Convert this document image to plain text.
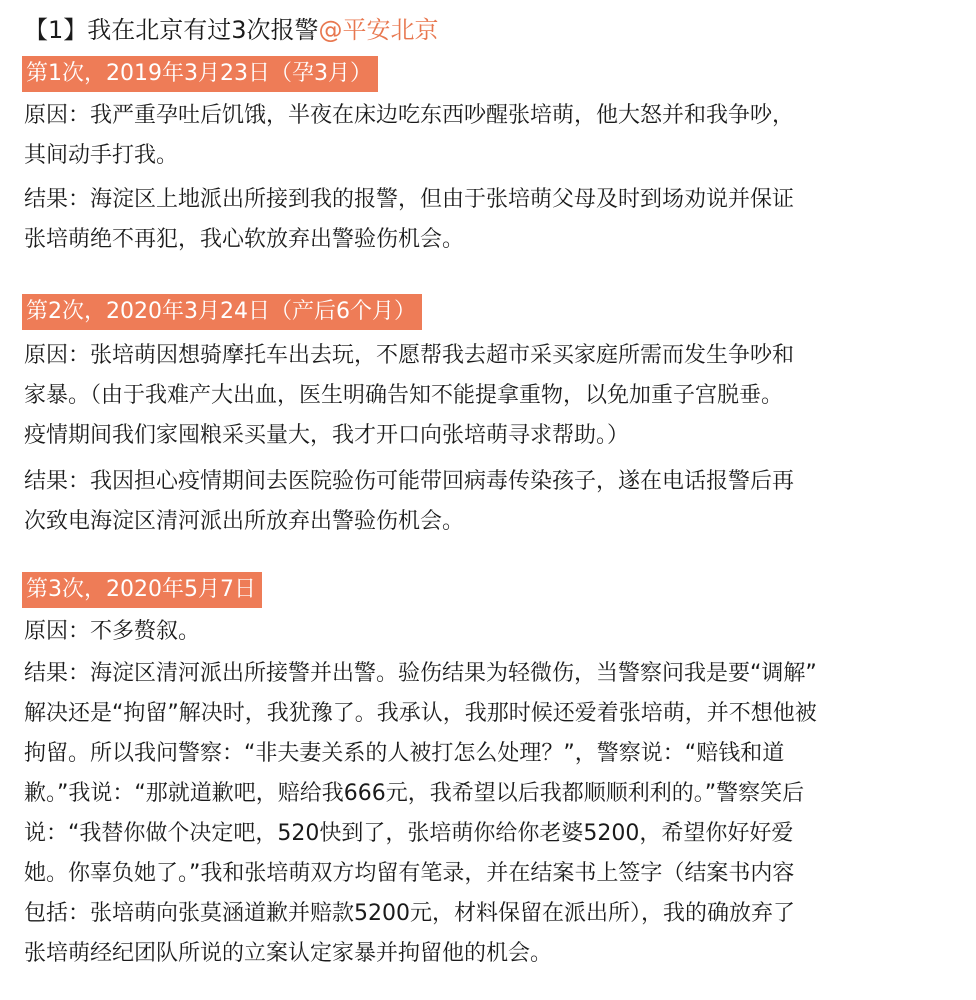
【1】我在北京有过3次报警@平安北京
第1次，2019年3月23日（孕3月）
原因：我严重孕吐后饥饿，半夜在床边吃东西吵醒张培萌，他大怒并和我争吵，
其间动手打我。
结果：海淀区上地派出所接到我的报警，但由于张培萌父母及时到场劝说并保证
张培萌绝不再犯，我心软放弃出警验伤机会。
第2次，2020年3月24日（产后6个月）
原因：张培萌因想骑摩托车出去玩，不愿帮我去超市采买家庭所需而发生争吵和
家暴。（由于我难产大出血，医生明确告知不能提拿重物，以免加重子宫脱垂。
疫情期间我们家囤粮采买量大，我才开口向张培萌寻求帮助。）
结果：我因担心疫情期间去医院验伤可能带回病毒传染孩子，遂在电话报警后再
次致电海淀区清河派出所放弃出警验伤机会。
第3次，2020年5月7日
原因：不多赘叙。
结果：海淀区清河派出所接警并出警。验伤结果为轻微伤，当警察问我是要“调解”
解决还是“拘留”解决时，我犹豫了。我承认，我那时候还爱着张培萌，并不想他被
拘留。所以我问警察：“非夫妻关系的人被打怎么处理？”，警察说：“赔钱和道
歉。”我说：“那就道歉吧，赔给我666元，我希望以后我都顺顺利利的。”警察笑后
说：“我替你做个决定吧，520快到了，张培萌你给你老婆5200，希望你好好爱
她。你辜负她了。”我和张培萌双方均留有笔录，并在结案书上签字（结案书内容
包括：张培萌向张莫涵道歉并赔款5200元，材料保留在派出所），我的确放弃了
张培萌经纪团队所说的立案认定家暴并拘留他的机会。
